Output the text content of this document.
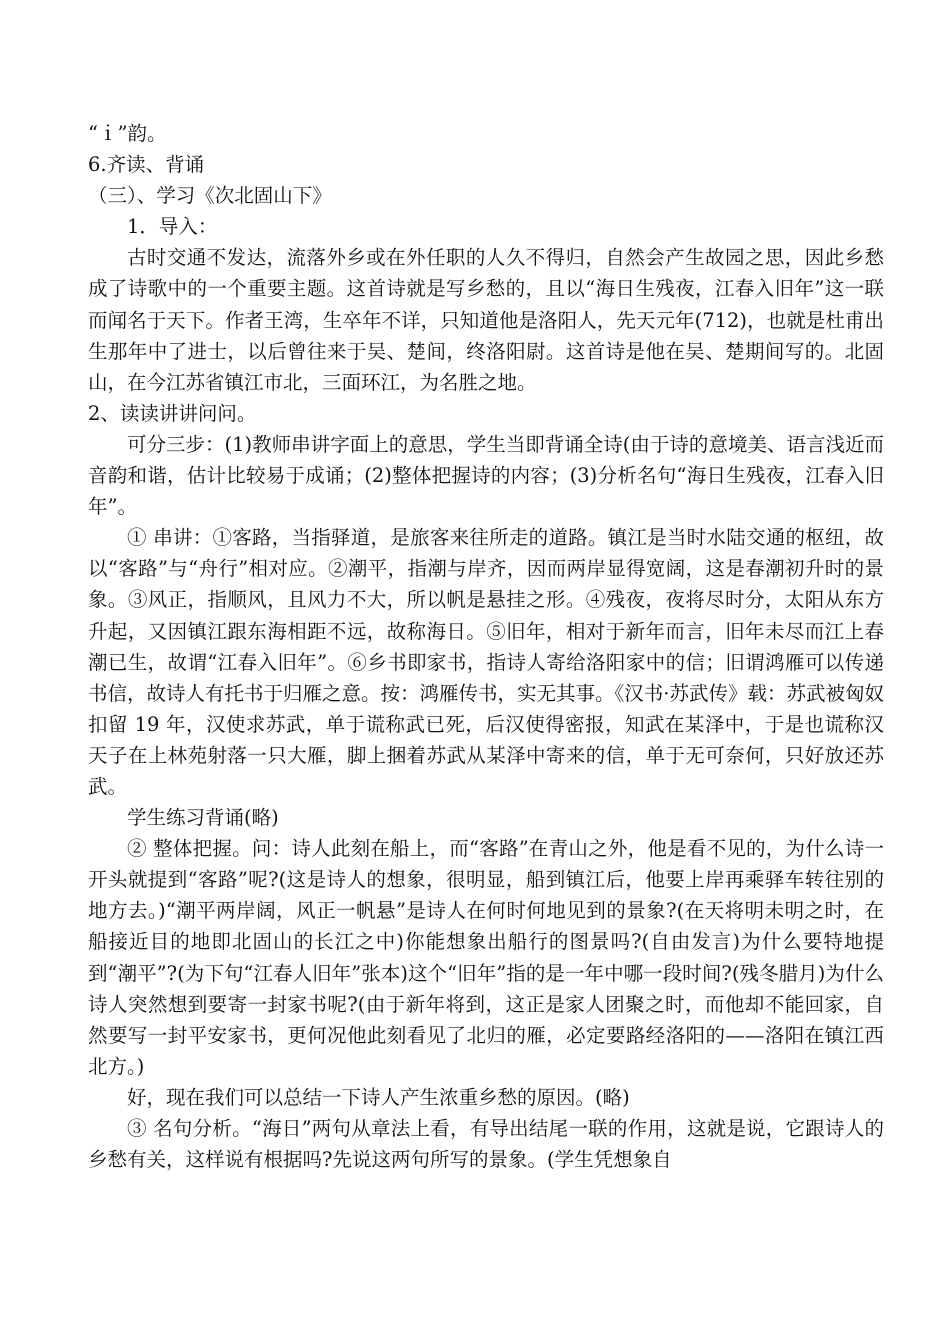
“ｉ”韵。

6.齐读、背诵

（三）、学习《次北固山下》

1．导入：

古时交通不发达，流落外乡或在外任职的人久不得归，自然会产生故园之思，因此乡愁成了诗歌中的一个重要主题。这首诗就是写乡愁的，且以“海日生残夜，江春入旧年”这一联而闻名于天下。作者王湾，生卒年不详，只知道他是洛阳人，先天元年(712)，也就是杜甫出生那年中了进士，以后曾往来于吴、楚间，终洛阳尉。这首诗是他在吴、楚期间写的。北固山，在今江苏省镇江市北，三面环江，为名胜之地。

2、读读讲讲问问。

可分三步：(1)教师串讲字面上的意思，学生当即背诵全诗(由于诗的意境美、语言浅近而音韵和谐，估计比较易于成诵；(2)整体把握诗的内容；(3)分析名句“海日生残夜，江春入旧年”。

① 串讲：①客路，当指驿道，是旅客来往所走的道路。镇江是当时水陆交通的枢纽，故以“客路”与“舟行”相对应。②潮平，指潮与岸齐，因而两岸显得宽阔，这是春潮初升时的景象。③风正，指顺风，且风力不大，所以帆是悬挂之形。④残夜，夜将尽时分，太阳从东方升起，又因镇江跟东海相距不远，故称海日。⑤旧年，相对于新年而言，旧年未尽而江上春潮已生，故谓“江春入旧年”。⑥乡书即家书，指诗人寄给洛阳家中的信；旧谓鸿雁可以传递书信，故诗人有托书于归雁之意。按：鸿雁传书，实无其事。《汉书·苏武传》载：苏武被匈奴扣留 19 年，汉使求苏武，单于谎称武已死，后汉使得密报，知武在某泽中，于是也谎称汉天子在上林苑射落一只大雁，脚上捆着苏武从某泽中寄来的信，单于无可奈何，只好放还苏武。

学生练习背诵(略)

② 整体把握。问：诗人此刻在船上，而“客路”在青山之外，他是看不见的，为什么诗一开头就提到“客路”呢?(这是诗人的想象，很明显，船到镇江后，他要上岸再乘驿车转往别的地方去。)“潮平两岸阔，风正一帆悬”是诗人在何时何地见到的景象?(在天将明未明之时，在船接近目的地即北固山的长江之中)你能想象出船行的图景吗?(自由发言)为什么要特地提到“潮平”?(为下句“江春人旧年”张本)这个“旧年”指的是一年中哪一段时间?(残冬腊月)为什么诗人突然想到要寄一封家书呢?(由于新年将到，这正是家人团聚之时，而他却不能回家，自然要写一封平安家书，更何况他此刻看见了北归的雁，必定要路经洛阳的——洛阳在镇江西北方。)

好，现在我们可以总结一下诗人产生浓重乡愁的原因。(略)

③ 名句分析。“海日”两句从章法上看，有导出结尾一联的作用，这就是说，它跟诗人的乡愁有关，这样说有根据吗?先说这两句所写的景象。(学生凭想象自
